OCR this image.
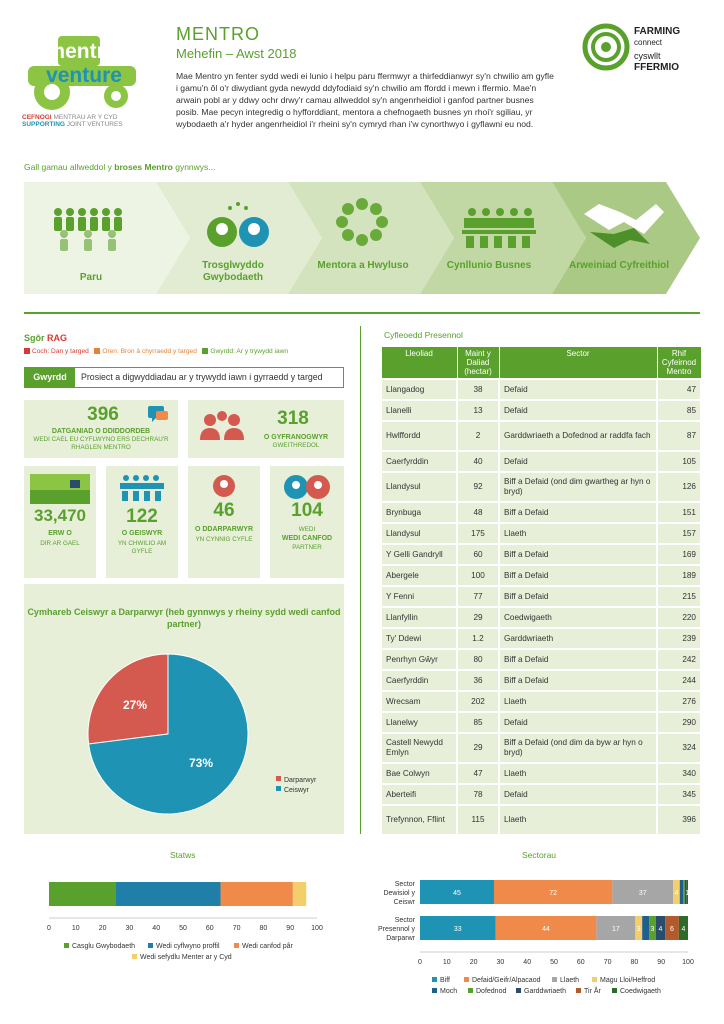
mentro
venture
CEFNOGI MENTRAU AR Y CYD
SUPPORTING JOINT VENTURES
MENTRO
Mehefin – Awst 2018
Mae Mentro yn fenter sydd wedi ei lunio i helpu paru ffermwyr a thirfeddianwyr sy'n chwilio am gyfle i gamu'n ôl o'r diwydiant gyda newydd ddyfodiaid sy'n chwilio am ffordd i mewn i ffermio. Mae'n arwain pobl ar y ddwy ochr drwy'r camau allweddol sy'n angenrheidiol i ganfod partner busnes posib. Mae pecyn integredig o hyfforddiant, mentora a chefnogaeth busnes yn rhoi'r sgiliau, yr wybodaeth a'r hyder angenrheidiol i'r rheini sy'n cymryd rhan i'w cynorthwyo i gyflawni eu nod.
FARMING
connect
cyswllt
FFERMIO
Gall gamau allweddol y broses Mentro gynnwys...
Paru
Trosglwyddo Gwybodaeth
Mentora a Hwyluso	Cynllunio Busnes	Arweiniad Cyfreithiol
Sgôr RAG
Coch: Dan y targed Oren: Bron â chyrraedd y targed Gwyrdd: Ar y trywydd iawn
Gwyrdd	Prosiect a digwyddiadau ar y trywydd iawn i gyrraedd y targed
396
DATGANIAD O DDIDDORDEB
WEDI CAEL EU CYFLWYNO ERS DECHRAU'R RHAGLEN MENTRO
318
O GYFRANOGWYR
GWEITHREDOL
33,470
ERW O
DIR AR GAEL
122
O GEISWYR
YN CHWILIO AM GYFLE
46
O DDARPARWYR
YN CYNNIG CYFLE
104
WEDI
WEDI CANFOD
PARTNER
Cymhareb Ceiswyr a Darparwyr (heb gynnwys y rheiny sydd wedi canfod partner)
27%
73%
Darparwyr
Ceiswyr
Cyfleoedd Presennol
Lleoliad	Maint y Daliad (hectar)	Sector	Rhif Cyfeirnod Mentro
Llangadog	38	Defaid	47
Llanelli	13	Defaid	85
Hwlffordd	2	Garddwriaeth a Dofednod ar raddfa fach	87
Caerfyrddin	40	Defaid	105
Llandysul	92	Biff a Defaid (ond dim gwartheg ar hyn o bryd)	126
Brynbuga	48	Biff a Defaid	151
Llandysul	175	Llaeth	157
Y Gelli Gandryll	60	Biff a Defaid	169
Abergele	100	Biff a Defaid	189
Y Fenni	77	Biff a Defaid	215
Llanfyllin	29	Coedwigaeth	220
Ty' Ddewi	1.2	Garddwriaeth	239
Penrhyn Gŵyr	80	Biff a Defaid	242
Caerfyrddin	36	Biff a Defaid	244
Wrecsam	202	Llaeth	276
Llanelwy	85	Defaid	290
Castell Newydd Emlyn	29	Biff a Defaid (ond dim da byw ar hyn o bryd)	324
Bae Colwyn	47	Llaeth	340
Aberteifi	78	Defaid	345
Trefynnon, Fflint	115	Llaeth	396
Statws
0	10	20	30	40	50	60	70	80	90 100
Casglu Gwybodaeth	Wedi cyflwyno proffil	Wedi canfod pâr
Wedi sefydlu Menter ar y Cyd
Sectorau
45	72	37	4 1
Sector
Dewisiol y
Ceiswr
33	44	17 3 3 4 6 4
Sector
Presennol y
Darparwr
0	10	20	30	40	50	60	70	80	90 100
Biff	Defaid/Geifr/Alpacaod	Llaeth	Magu Lloi/Heffrod
Moch	Dofednod	Garddwriaeth	Tir År	Coedwigaeth
